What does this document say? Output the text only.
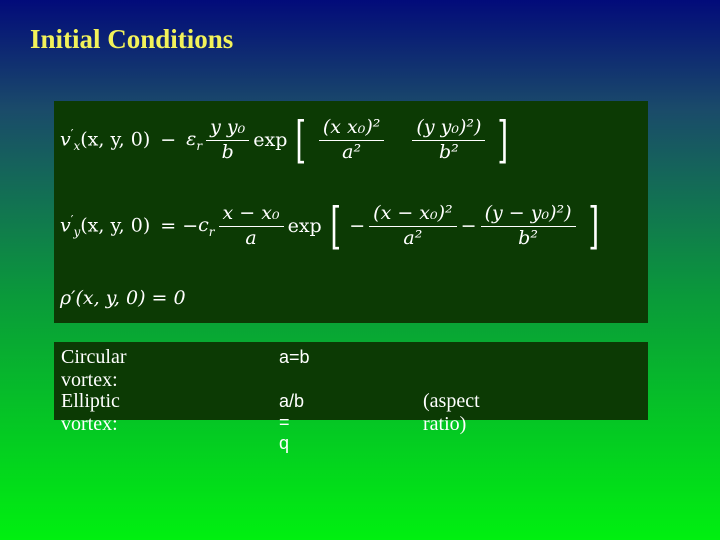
Initial Conditions
$v'_x(x$, y, $0) - \varepsilon_r \frac{\text{y y₀}}{b}$ exp [ $\frac{\text{(x x₀)²}}{\text{a²}} \frac{\text{(y y₀)²)}}{\text{b²}}$ ]
$v'_y(x$, y, 0) = − $c_r \frac{\text{x − x₀}}{a}$ exp [ − $\frac{\text{(x − x₀)²}}{\text{a²}} - \frac{\text{(y − y₀)²)}}{\text{b²}}$ ]
ρ′(x, y, 0) = 0
Circular vortex:
a=b
Elliptic vortex:
a/b = q
(aspect ratio)
